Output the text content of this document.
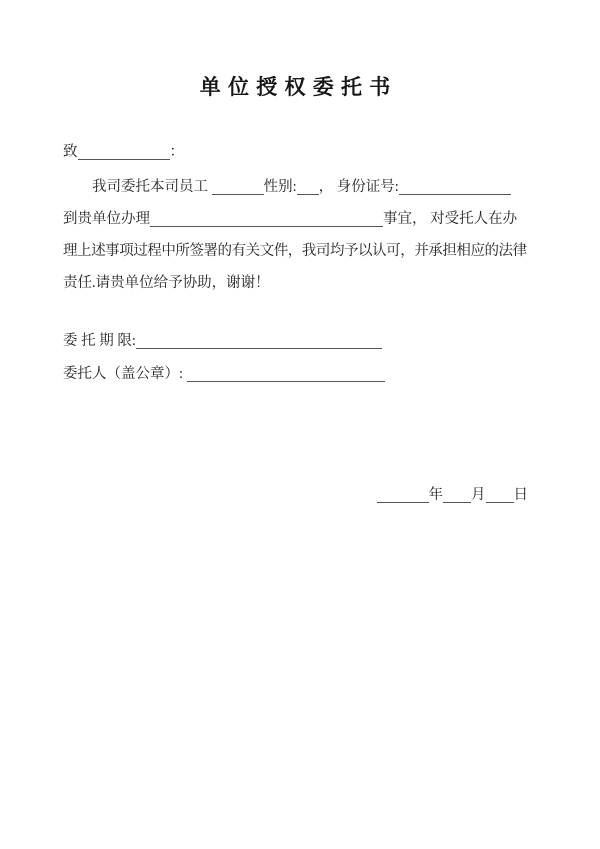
单 位 授 权 委 托 书
致	：
我司委托本司员工	性别: ， 身份证号:
到贵单位办理	事宜， 对受托人在办
理上述事项过程中所签署的有关文件，我司均予以认可，并承担相应的法律
责任.请贵单位给予协助，谢谢！
委 托 期 限:
委托人（盖公章）:
年 月 日
